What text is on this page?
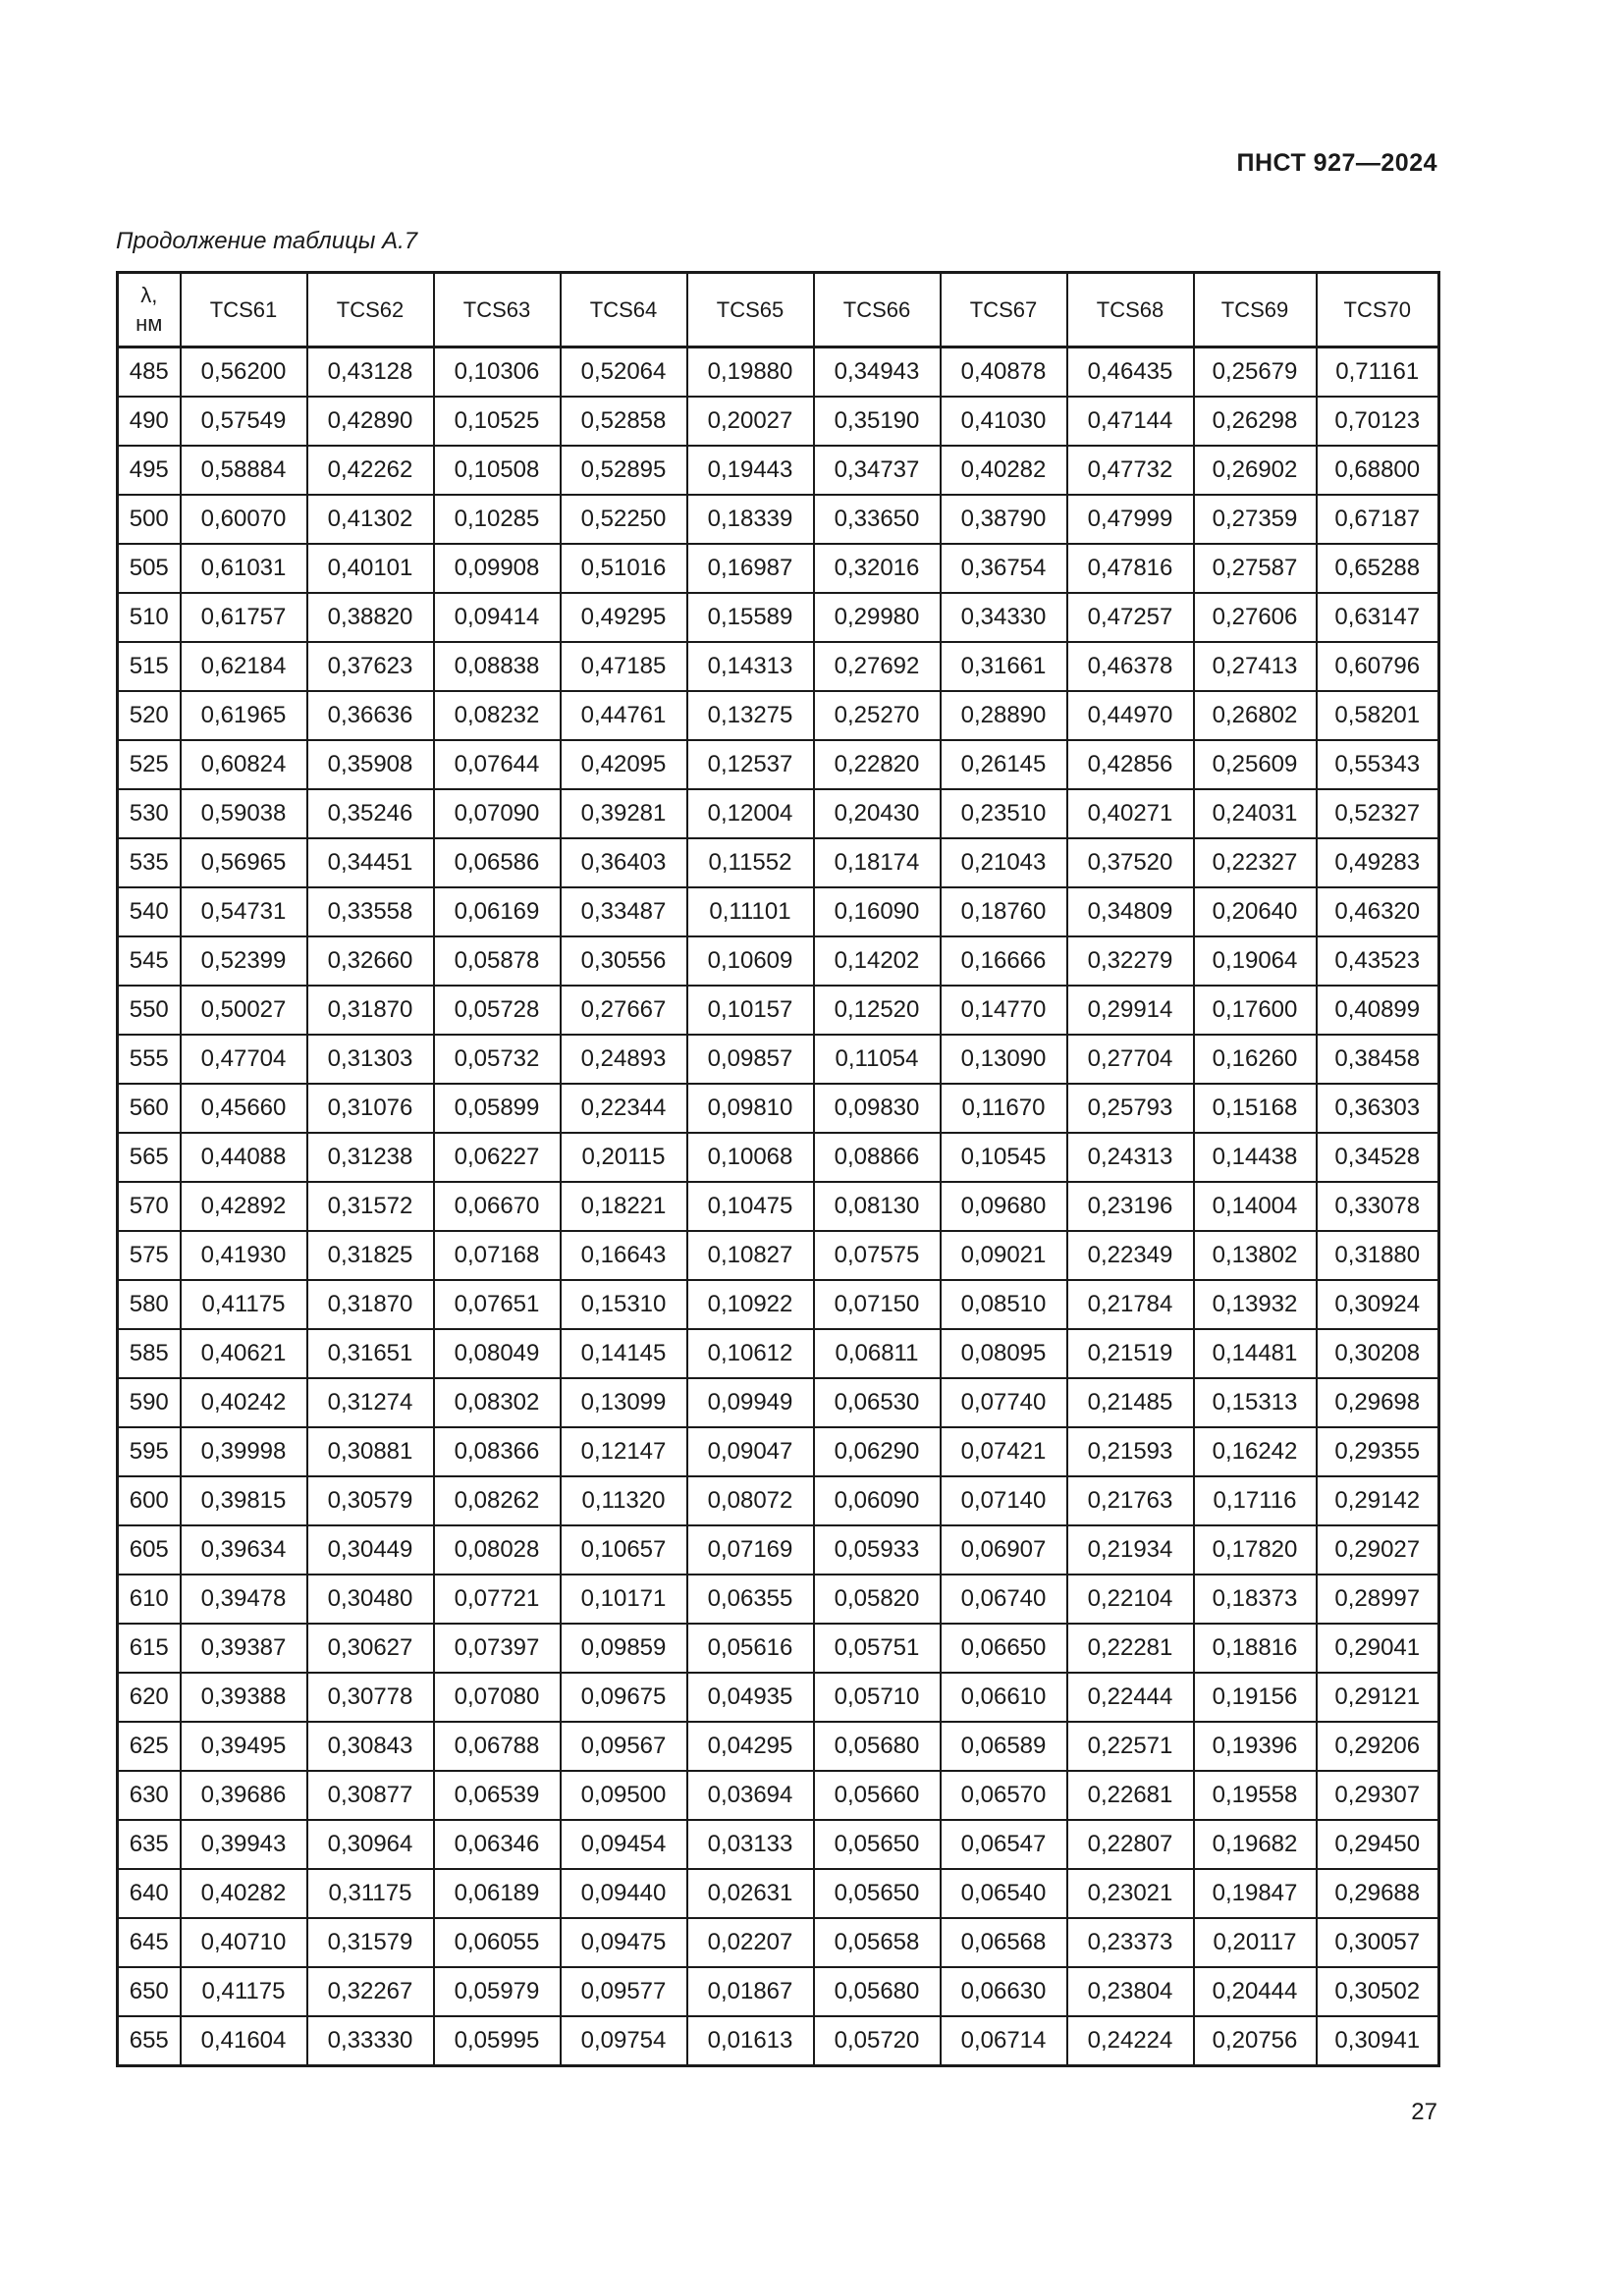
ПНСТ 927—2024
Продолжение таблицы А.7
λ,
нм	TCS61	TCS62	TCS63	TCS64	TCS65	TCS66	TCS67	TCS68	TCS69	TCS70
485	0,56200	0,43128	0,10306	0,52064	0,19880	0,34943	0,40878	0,46435	0,25679	0,71161
490	0,57549	0,42890	0,10525	0,52858	0,20027	0,35190	0,41030	0,47144	0,26298	0,70123
495	0,58884	0,42262	0,10508	0,52895	0,19443	0,34737	0,40282	0,47732	0,26902	0,68800
500	0,60070	0,41302	0,10285	0,52250	0,18339	0,33650	0,38790	0,47999	0,27359	0,67187
505	0,61031	0,40101	0,09908	0,51016	0,16987	0,32016	0,36754	0,47816	0,27587	0,65288
510	0,61757	0,38820	0,09414	0,49295	0,15589	0,29980	0,34330	0,47257	0,27606	0,63147
515	0,62184	0,37623	0,08838	0,47185	0,14313	0,27692	0,31661	0,46378	0,27413	0,60796
520	0,61965	0,36636	0,08232	0,44761	0,13275	0,25270	0,28890	0,44970	0,26802	0,58201
525	0,60824	0,35908	0,07644	0,42095	0,12537	0,22820	0,26145	0,42856	0,25609	0,55343
530	0,59038	0,35246	0,07090	0,39281	0,12004	0,20430	0,23510	0,40271	0,24031	0,52327
535	0,56965	0,34451	0,06586	0,36403	0,11552	0,18174	0,21043	0,37520	0,22327	0,49283
540	0,54731	0,33558	0,06169	0,33487	0,11101	0,16090	0,18760	0,34809	0,20640	0,46320
545	0,52399	0,32660	0,05878	0,30556	0,10609	0,14202	0,16666	0,32279	0,19064	0,43523
550	0,50027	0,31870	0,05728	0,27667	0,10157	0,12520	0,14770	0,29914	0,17600	0,40899
555	0,47704	0,31303	0,05732	0,24893	0,09857	0,11054	0,13090	0,27704	0,16260	0,38458
560	0,45660	0,31076	0,05899	0,22344	0,09810	0,09830	0,11670	0,25793	0,15168	0,36303
565	0,44088	0,31238	0,06227	0,20115	0,10068	0,08866	0,10545	0,24313	0,14438	0,34528
570	0,42892	0,31572	0,06670	0,18221	0,10475	0,08130	0,09680	0,23196	0,14004	0,33078
575	0,41930	0,31825	0,07168	0,16643	0,10827	0,07575	0,09021	0,22349	0,13802	0,31880
580	0,41175	0,31870	0,07651	0,15310	0,10922	0,07150	0,08510	0,21784	0,13932	0,30924
585	0,40621	0,31651	0,08049	0,14145	0,10612	0,06811	0,08095	0,21519	0,14481	0,30208
590	0,40242	0,31274	0,08302	0,13099	0,09949	0,06530	0,07740	0,21485	0,15313	0,29698
595	0,39998	0,30881	0,08366	0,12147	0,09047	0,06290	0,07421	0,21593	0,16242	0,29355
600	0,39815	0,30579	0,08262	0,11320	0,08072	0,06090	0,07140	0,21763	0,17116	0,29142
605	0,39634	0,30449	0,08028	0,10657	0,07169	0,05933	0,06907	0,21934	0,17820	0,29027
610	0,39478	0,30480	0,07721	0,10171	0,06355	0,05820	0,06740	0,22104	0,18373	0,28997
615	0,39387	0,30627	0,07397	0,09859	0,05616	0,05751	0,06650	0,22281	0,18816	0,29041
620	0,39388	0,30778	0,07080	0,09675	0,04935	0,05710	0,06610	0,22444	0,19156	0,29121
625	0,39495	0,30843	0,06788	0,09567	0,04295	0,05680	0,06589	0,22571	0,19396	0,29206
630	0,39686	0,30877	0,06539	0,09500	0,03694	0,05660	0,06570	0,22681	0,19558	0,29307
635	0,39943	0,30964	0,06346	0,09454	0,03133	0,05650	0,06547	0,22807	0,19682	0,29450
640	0,40282	0,31175	0,06189	0,09440	0,02631	0,05650	0,06540	0,23021	0,19847	0,29688
645	0,40710	0,31579	0,06055	0,09475	0,02207	0,05658	0,06568	0,23373	0,20117	0,30057
650	0,41175	0,32267	0,05979	0,09577	0,01867	0,05680	0,06630	0,23804	0,20444	0,30502
655	0,41604	0,33330	0,05995	0,09754	0,01613	0,05720	0,06714	0,24224	0,20756	0,30941
27
